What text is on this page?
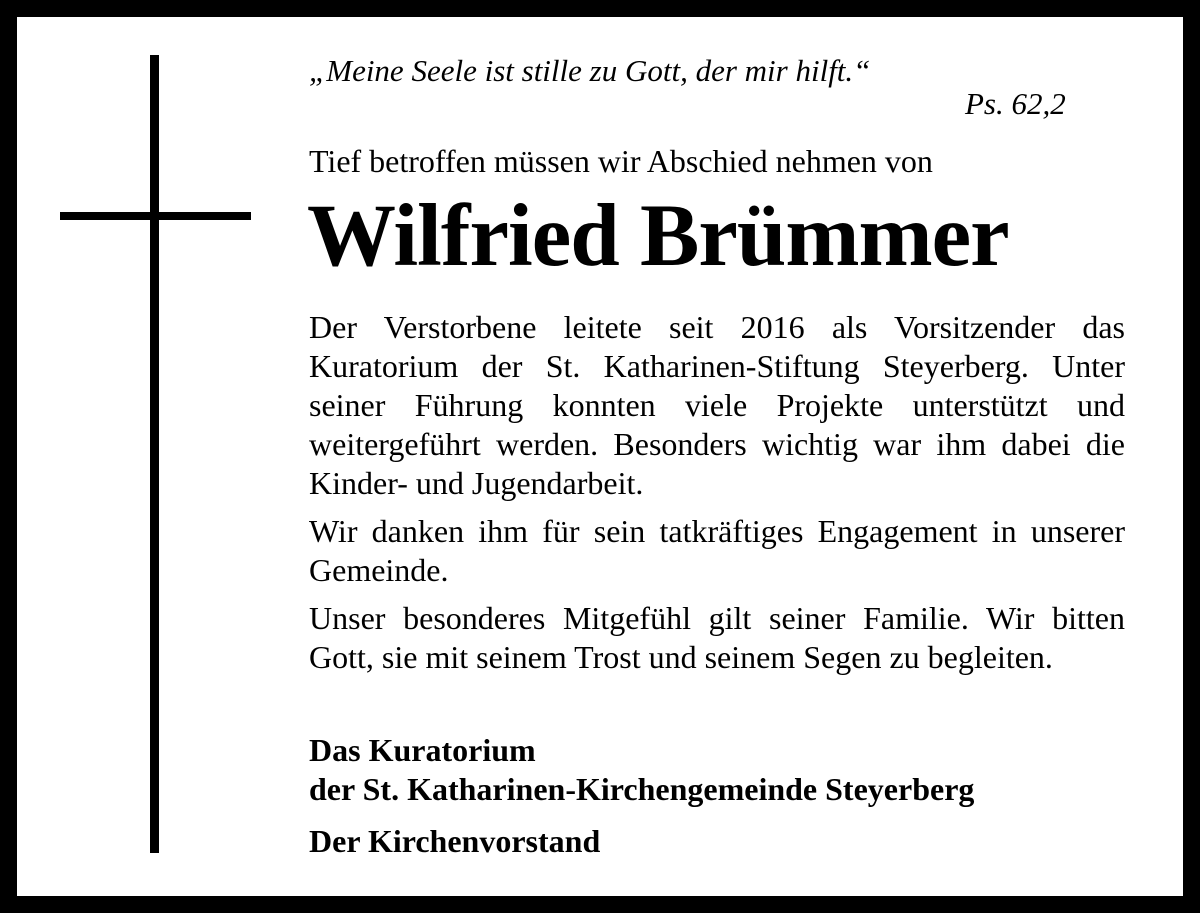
„Meine Seele ist stille zu Gott, der mir hilft.“
Ps. 62,2
Tief betroffen müssen wir Abschied nehmen von
Wilfried Brümmer

Der Verstorbene leitete seit 2016 als Vorsitzender das Kuratorium der St. Katharinen-Stiftung Steyerberg. Unter seiner Führung konnten viele Projekte unterstützt und weitergeführt werden. Besonders wichtig war ihm dabei die Kinder- und Jugendarbeit.

Wir danken ihm für sein tatkräftiges Engagement in unserer Gemeinde.

Unser besonderes Mitgefühl gilt seiner Familie. Wir bitten Gott, sie mit seinem Trost und seinem Segen zu begleiten.

Das Kuratorium
der St. Katharinen-Kirchengemeinde Steyerberg
Der Kirchenvorstand
